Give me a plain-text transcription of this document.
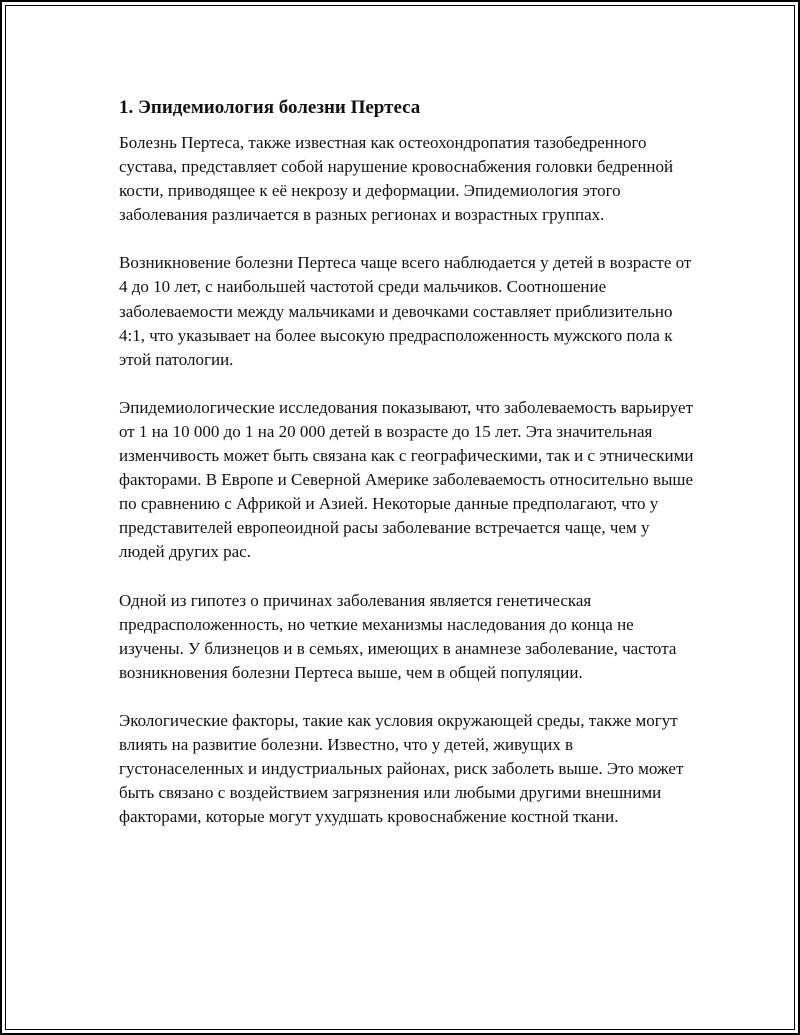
1. Эпидемиология болезни Пертеса

Болезнь Пертеса, также известная как остеохондропатия тазобедренного сустава, представляет собой нарушение кровоснабжения головки бедренной кости, приводящее к её некрозу и деформации. Эпидемиология этого заболевания различается в разных регионах и возрастных группах.

Возникновение болезни Пертеса чаще всего наблюдается у детей в возрасте от 4 до 10 лет, с наибольшей частотой среди мальчиков. Соотношение заболеваемости между мальчиками и девочками составляет приблизительно 4:1, что указывает на более высокую предрасположенность мужского пола к этой патологии.

Эпидемиологические исследования показывают, что заболеваемость варьирует от 1 на 10 000 до 1 на 20 000 детей в возрасте до 15 лет. Эта значительная изменчивость может быть связана как с географическими, так и с этническими факторами. В Европе и Северной Америке заболеваемость относительно выше по сравнению с Африкой и Азией. Некоторые данные предполагают, что у представителей европеоидной расы заболевание встречается чаще, чем у людей других рас.

Одной из гипотез о причинах заболевания является генетическая предрасположенность, но четкие механизмы наследования до конца не изучены. У близнецов и в семьях, имеющих в анамнезе заболевание, частота возникновения болезни Пертеса выше, чем в общей популяции.

Экологические факторы, такие как условия окружающей среды, также могут влиять на развитие болезни. Известно, что у детей, живущих в густонаселенных и индустриальных районах, риск заболеть выше. Это может быть связано с воздействием загрязнения или любыми другими внешними факторами, которые могут ухудшать кровоснабжение костной ткани.
